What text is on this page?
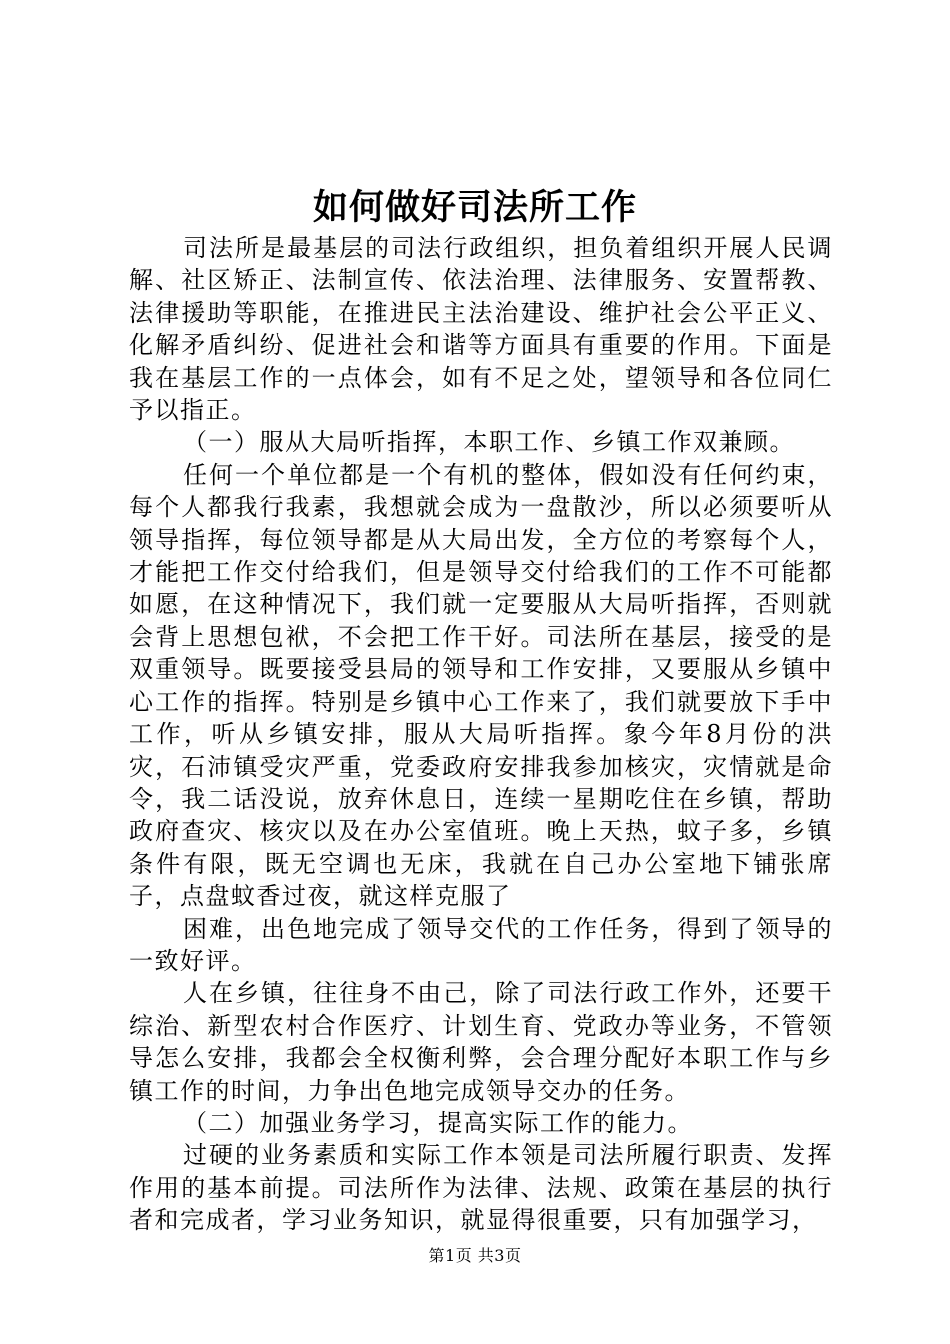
如何做好司法所工作

司法所是最基层的司法行政组织，担负着组织开展人民调解、社区矫正、法制宣传、依法治理、法律服务、安置帮教、法律援助等职能，在推进民主法治建设、维护社会公平正义、化解矛盾纠纷、促进社会和谐等方面具有重要的作用。下面是我在基层工作的一点体会，如有不足之处，望领导和各位同仁予以指正。

（一）服从大局听指挥，本职工作、乡镇工作双兼顾。

任何一个单位都是一个有机的整体，假如没有任何约束，每个人都我行我素，我想就会成为一盘散沙，所以必须要听从领导指挥，每位领导都是从大局出发，全方位的考察每个人，才能把工作交付给我们，但是领导交付给我们的工作不可能都如愿，在这种情况下，我们就一定要服从大局听指挥，否则就会背上思想包袱，不会把工作干好。司法所在基层，接受的是双重领导。既要接受县局的领导和工作安排，又要服从乡镇中心工作的指挥。特别是乡镇中心工作来了，我们就要放下手中工作，听从乡镇安排，服从大局听指挥。象今年8月份的洪灾，石沛镇受灾严重，党委政府安排我参加核灾，灾情就是命令，我二话没说，放弃休息日，连续一星期吃住在乡镇，帮助政府查灾、核灾以及在办公室值班。晚上天热，蚊子多，乡镇条件有限，既无空调也无床，我就在自己办公室地下铺张席子，点盘蚊香过夜，就这样克服了

困难，出色地完成了领导交代的工作任务，得到了领导的一致好评。

人在乡镇，往往身不由己，除了司法行政工作外，还要干综治、新型农村合作医疗、计划生育、党政办等业务，不管领导怎么安排，我都会全权衡利弊，会合理分配好本职工作与乡镇工作的时间，力争出色地完成领导交办的任务。

（二）加强业务学习，提高实际工作的能力。

过硬的业务素质和实际工作本领是司法所履行职责、发挥作用的基本前提。司法所作为法律、法规、政策在基层的执行者和完成者，学习业务知识，就显得很重要，只有加强学习，

第1页 共3页
